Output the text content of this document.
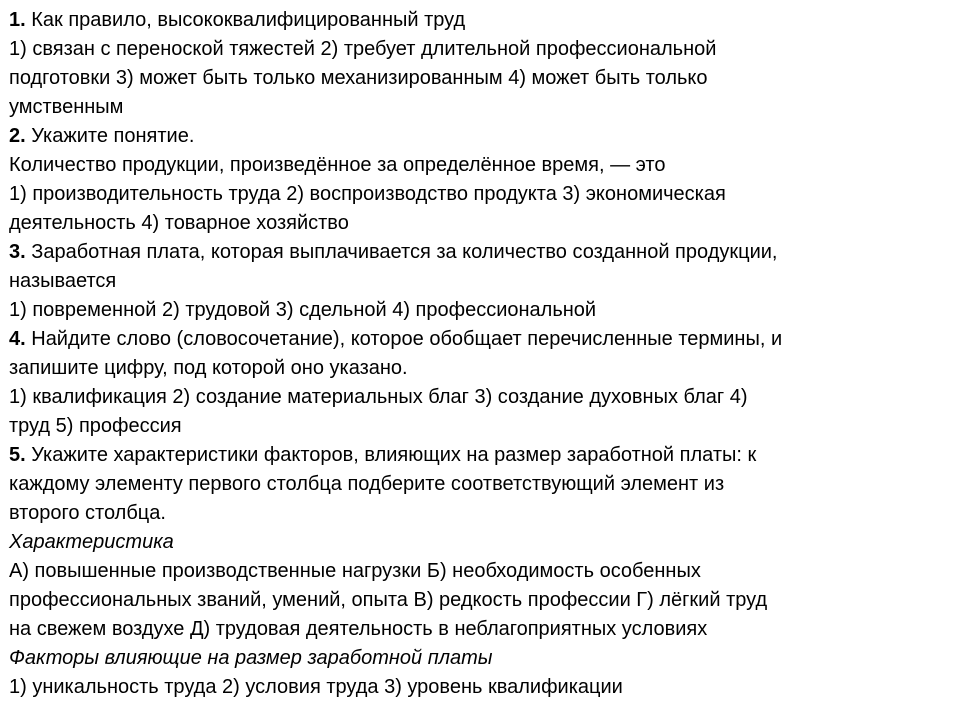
1. Как правило, высококвалифицированный труд

1) связан с переноской тяжестей 2) требует длительной профессиональной

подготовки 3) может быть только механизированным 4) может быть только

умственным

2. Укажите понятие.

Количество продукции, произведённое за определённое время, — это

1) производительность труда 2) воспроизводство продукта 3) экономическая

деятельность 4) товарное хозяйство

3. Заработная плата, которая выплачивается за количество созданной продукции,

называется

1) повременной 2) трудовой 3) сдельной 4) профессиональной

4. Найдите слово (словосочетание), которое обобщает перечисленные термины, и

запишите цифру, под которой оно указано.

1) квалификация 2) создание материальных благ 3) создание духовных благ 4)

труд 5) профессия

5. Укажите характеристики факторов, влияющих на размер заработной платы: к

каждому элементу первого столбца подберите соответствующий элемент из

второго столбца.

Характеристика

А) повышенные производственные нагрузки Б) необходимость особенных

профессиональных званий, умений, опыта В) редкость профессии Г) лёгкий труд

на свежем воздухе Д) трудовая деятельность в неблагоприятных условиях

Факторы влияющие на размер заработной платы

1) уникальность труда 2) условия труда 3) уровень квалификации
